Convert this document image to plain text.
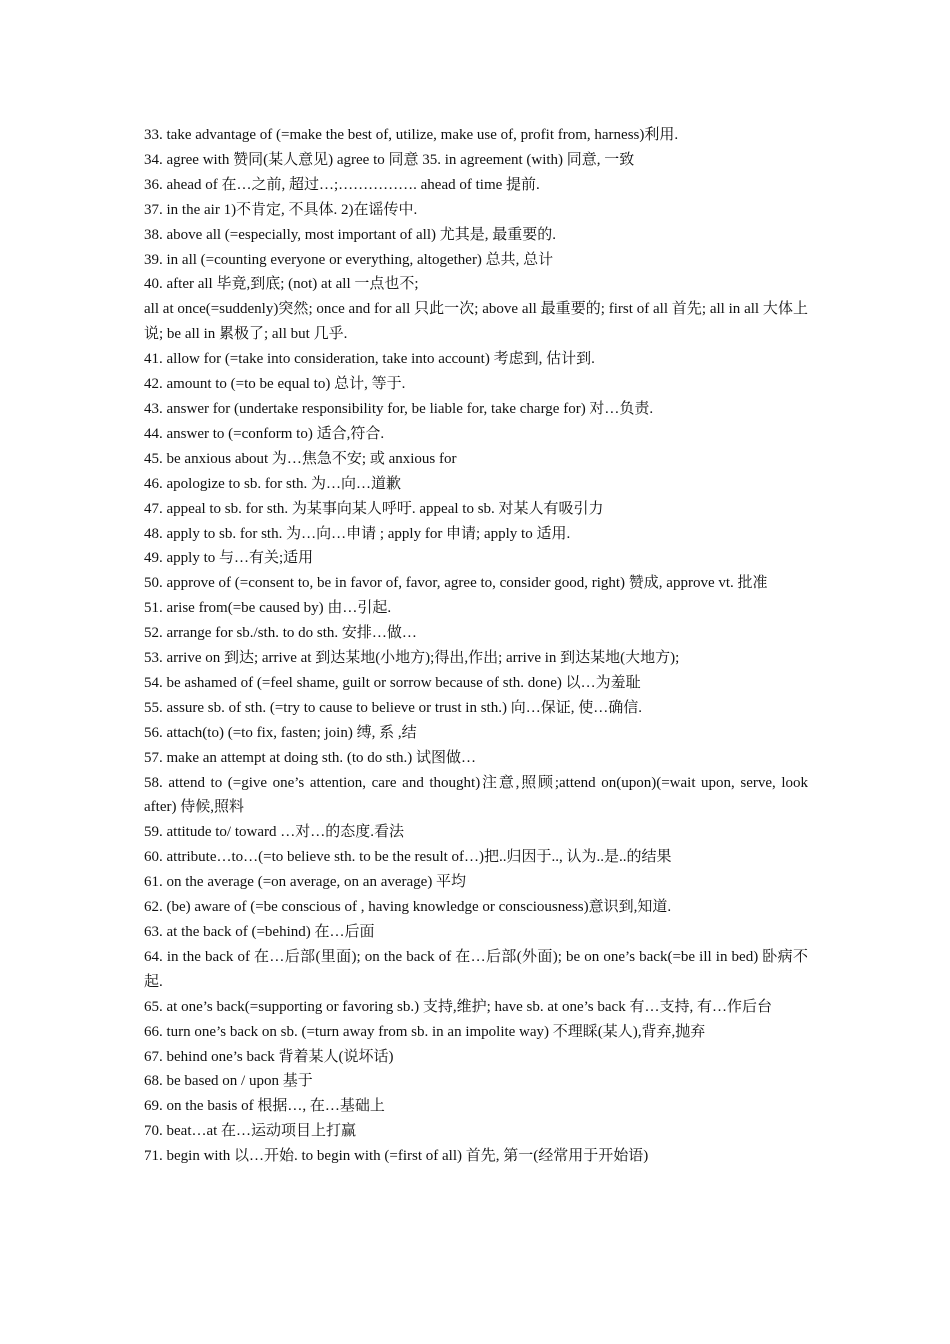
33. take advantage of (=make the best of, utilize, make use of, profit from, harness)利用.

34. agree with 赞同(某人意见) agree to 同意 35. in agreement (with) 同意, 一致

36. ahead of 在…之前, 超过…;……………. ahead of time 提前.

37. in the air 1)不肯定, 不具体. 2)在谣传中.

38. above all (=especially, most important of all) 尤其是, 最重要的.

39. in all (=counting everyone or everything, altogether) 总共, 总计

40. after all 毕竟,到底; (not) at all 一点也不;

all at once(=suddenly)突然; once and for all 只此一次; above all 最重要的; first of all 首先; all in all 大体上说; be all in 累极了; all but 几乎.

41. allow for (=take into consideration, take into account) 考虑到, 估计到.

42. amount to (=to be equal to) 总计, 等于.

43. answer for (undertake responsibility for, be liable for, take charge for) 对…负责.

44. answer to (=conform to) 适合,符合.

45. be anxious about 为…焦急不安; 或 anxious for

46. apologize to sb. for sth. 为…向…道歉

47. appeal to sb. for sth. 为某事向某人呼吁. appeal to sb. 对某人有吸引力

48. apply to sb. for sth. 为…向…申请 ; apply for 申请; apply to 适用.

49. apply to 与…有关;适用

50. approve of (=consent to, be in favor of, favor, agree to, consider good, right) 赞成, approve vt. 批准

51. arise from(=be caused by) 由…引起.

52. arrange for sb./sth. to do sth. 安排…做…

53. arrive on 到达; arrive at 到达某地(小地方);得出,作出; arrive in 到达某地(大地方);

54. be ashamed of (=feel shame, guilt or sorrow because of sth. done) 以…为羞耻

55. assure sb. of sth. (=try to cause to believe or trust in sth.) 向…保证, 使…确信.

56. attach(to) (=to fix, fasten; join) 缚, 系 ,结

57. make an attempt at doing sth. (to do sth.) 试图做…

58. attend to (=give one’s attention, care and thought)注意,照顾;attend on(upon)(=wait upon, serve, look after) 侍候,照料

59. attitude to/ toward …对…的态度.看法

60. attribute…to…(=to believe sth. to be the result of…)把..归因于.., 认为..是..的结果

61. on the average (=on average, on an average) 平均

62. (be) aware of (=be conscious of , having knowledge or consciousness)意识到,知道.

63. at the back of (=behind) 在…后面

64. in the back of 在…后部(里面); on the back of 在…后部(外面); be on one’s back(=be ill in bed) 卧病不起.

65. at one’s back(=supporting or favoring sb.) 支持,维护; have sb. at one’s back 有…支持, 有…作后台

66. turn one’s back on sb. (=turn away from sb. in an impolite way) 不理睬(某人),背弃,抛弃

67. behind one’s back 背着某人(说坏话)

68. be based on / upon 基于

69. on the basis of 根据…, 在…基础上

70. beat…at 在…运动项目上打赢

71. begin with 以…开始. to begin with (=first of all) 首先, 第一(经常用于开始语)
